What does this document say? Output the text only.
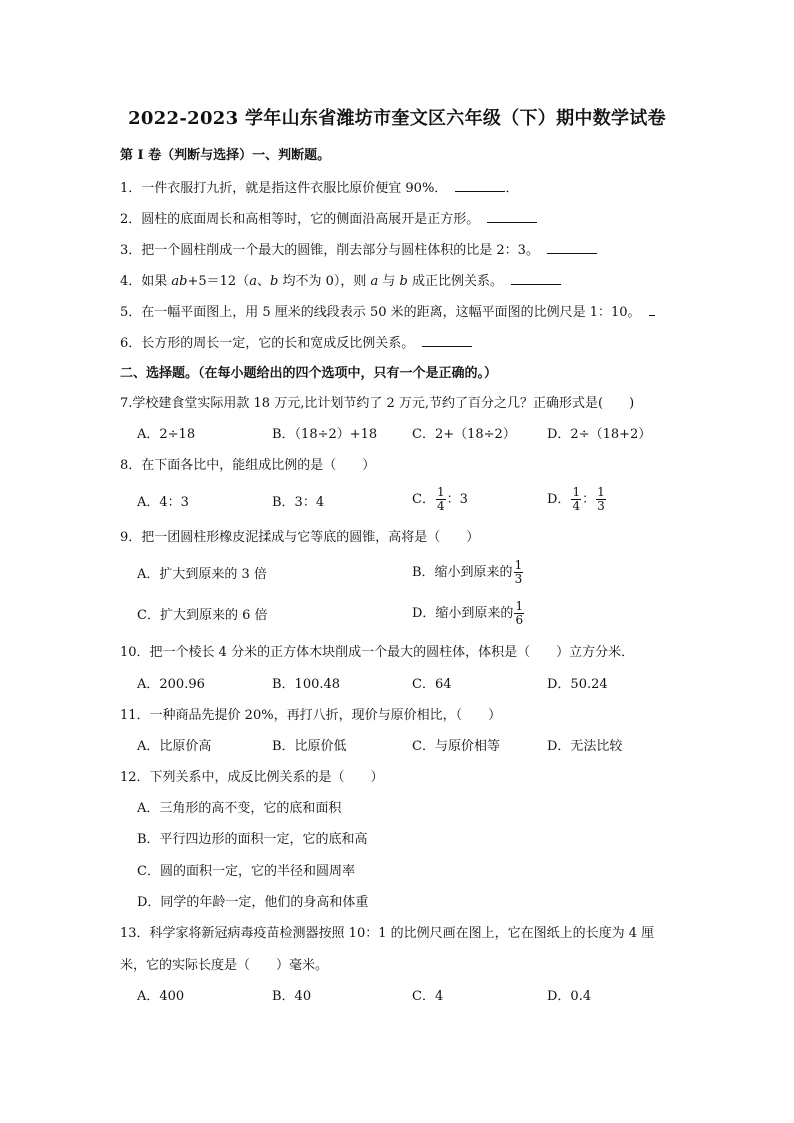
2022-2023 学年山东省潍坊市奎文区六年级（下）期中数学试卷
第 I 卷（判断与选择）一、判断题。
1．一件衣服打九折，就是指这件衣服比原价便宜 90%．	．
2．圆柱的底面周长和高相等时，它的侧面沿高展开是正方形。
3．把一个圆柱削成一个最大的圆锥，削去部分与圆柱体积的比是 2：3。
4．如果 ab+5＝12（a、b 均不为 0），则 a 与 b 成正比例关系。
5．在一幅平面图上，用 5 厘米的线段表示 50 米的距离，这幅平面图的比例尺是 1：10。
6．长方形的周长一定，它的长和宽成反比例关系。
二、选择题。（在每小题给出的四个选项中，只有一个是正确的。）
7.学校建食堂实际用款 18 万元,比计划节约了 2 万元,节约了百分之几？正确形式是(　　)
A．2÷18	B．（18÷2）+18	C．2+（18÷2） D．2÷（18+2）
8．在下面各比中，能组成比例的是（　　）
A．4：3	B．3：4	C． $\frac{1}{4}$ ：3	D． $\frac{1}{4}$ ： $\frac{1}{3}$
9．把一团圆柱形橡皮泥揉成与它等底的圆锥，高将是（　　）
A．扩大到原来的 3 倍	B．缩小到原来的 $\frac{1}{3}$
C．扩大到原来的 6 倍	D．缩小到原来的 $\frac{1}{6}$
10．把一个棱长 4 分米的正方体木块削成一个最大的圆柱体，体积是（　　）立方分米．
A．200.96	B．100.48	C．64	D．50.24
11．一种商品先提价 20%，再打八折，现价与原价相比，（　　）
A．比原价高	B．比原价低	C．与原价相等	D．无法比较
12．下列关系中，成反比例关系的是（　　）
A．三角形的高不变，它的底和面积
B．平行四边形的面积一定，它的底和高
C．圆的面积一定，它的半径和圆周率
D．同学的年龄一定，他们的身高和体重
13．科学家将新冠病毒疫苗检测器按照 10：1 的比例尺画在图上，它在图纸上的长度为 4 厘
米，它的实际长度是（　　）毫米。
A．400	B．40	C．4	D．0.4
